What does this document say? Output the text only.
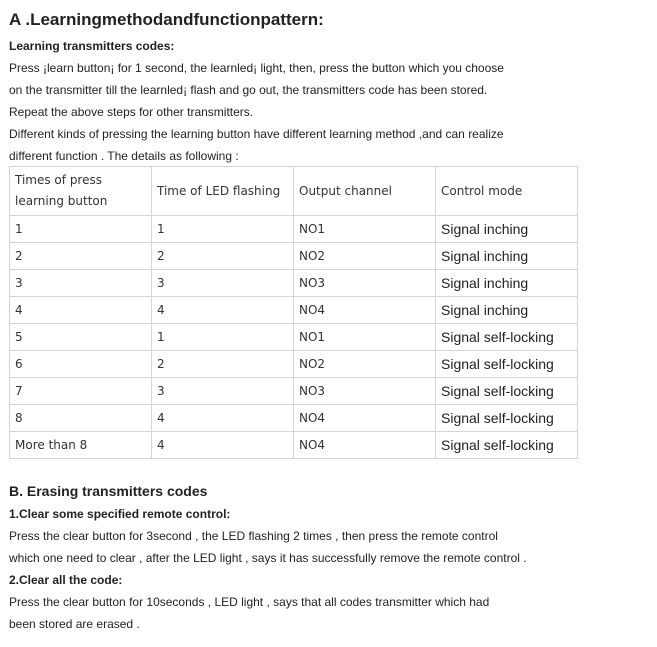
A .Learningmethodandfunctionpattern:
Learning transmitters codes:

Press ¡learn button¡ for 1 second, the learnled¡ light, then, press the button which you choose

on the transmitter till the learnled¡ flash and go out, the transmitters code has been stored.

Repeat the above steps for other transmitters.

Different kinds of pressing the learning button have different learning method ,and can realize

different function . The details as following :

Times of press learning button	Time of LED flashing	Output channel	Control mode
1	1	NO1	Signal inching
2	2	NO2	Signal inching
3	3	NO3	Signal inching
4	4	NO4	Signal inching
5	1	NO1	Signal self-locking
6	2	NO2	Signal self-locking
7	3	NO3	Signal self-locking
8	4	NO4	Signal self-locking
More than 8	4	NO4	Signal self-locking
B. Erasing transmitters codes
1.Clear some specified remote control:

Press the clear button for 3second , the LED flashing 2 times , then press the remote control

which one need to clear , after the LED light , says it has successfully remove the remote control .

2.Clear all the code:

Press the clear button for 10seconds , LED light , says that all codes transmitter which had

been stored are erased .
